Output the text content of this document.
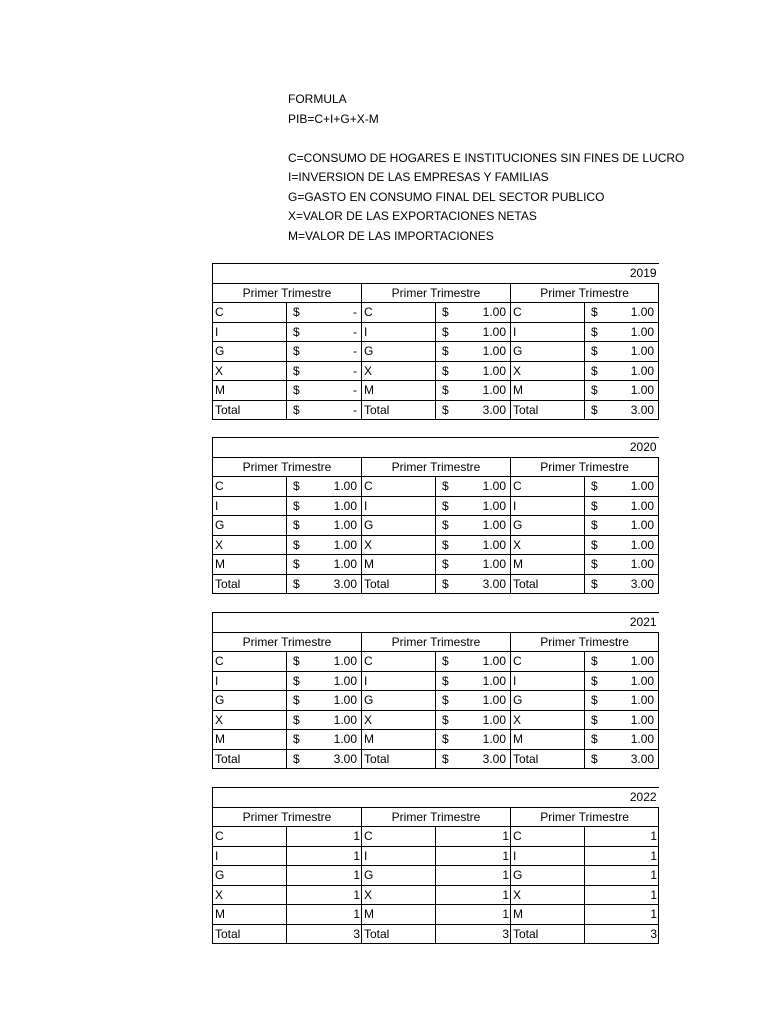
FORMULA
PIB=C+I+G+X-M
C=CONSUMO DE HOGARES E INSTITUCIONES SIN FINES DE LUCRO
I=INVERSION DE LAS EMPRESAS Y FAMILIAS
G=GASTO EN CONSUMO FINAL DEL SECTOR PUBLICO
X=VALOR DE LAS EXPORTACIONES NETAS
M=VALOR DE LAS IMPORTACIONES
2019					
Primer Trimestre		Primer Trimestre		Primer Trimestre	
C	$ -	C	$ 1.00	C	$ 1.00

I	$ -	I	$ 1.00	I	$ 1.00

G	$ -	G	$ 1.00	G	$ 1.00

X	$ -	X	$ 1.00	X	$ 1.00

M	$ -	M	$ 1.00	M	$ 1.00

Total	$ -	Total	$ 3.00	Total	$ 3.00
2020					
Primer Trimestre		Primer Trimestre		Primer Trimestre	
C	$ 1.00	C	$ 1.00	C	$ 1.00

I	$ 1.00	I	$ 1.00	I	$ 1.00

G	$ 1.00	G	$ 1.00	G	$ 1.00

X	$ 1.00	X	$ 1.00	X	$ 1.00

M	$ 1.00	M	$ 1.00	M	$ 1.00

Total	$ 3.00	Total	$ 3.00	Total	$ 3.00
2021					
Primer Trimestre		Primer Trimestre		Primer Trimestre	
C	$ 1.00	C	$ 1.00	C	$ 1.00

I	$ 1.00	I	$ 1.00	I	$ 1.00

G	$ 1.00	G	$ 1.00	G	$ 1.00

X	$ 1.00	X	$ 1.00	X	$ 1.00

M	$ 1.00	M	$ 1.00	M	$ 1.00

Total	$ 3.00	Total	$ 3.00	Total	$ 3.00
2022					
Primer Trimestre		Primer Trimestre		Primer Trimestre	
C	1	C	1	C	1
I	1	I	1	I	1
G	1	G	1	G	1
X	1	X	1	X	1
M	1	M	1	M	1
Total	3	Total	3	Total	3
